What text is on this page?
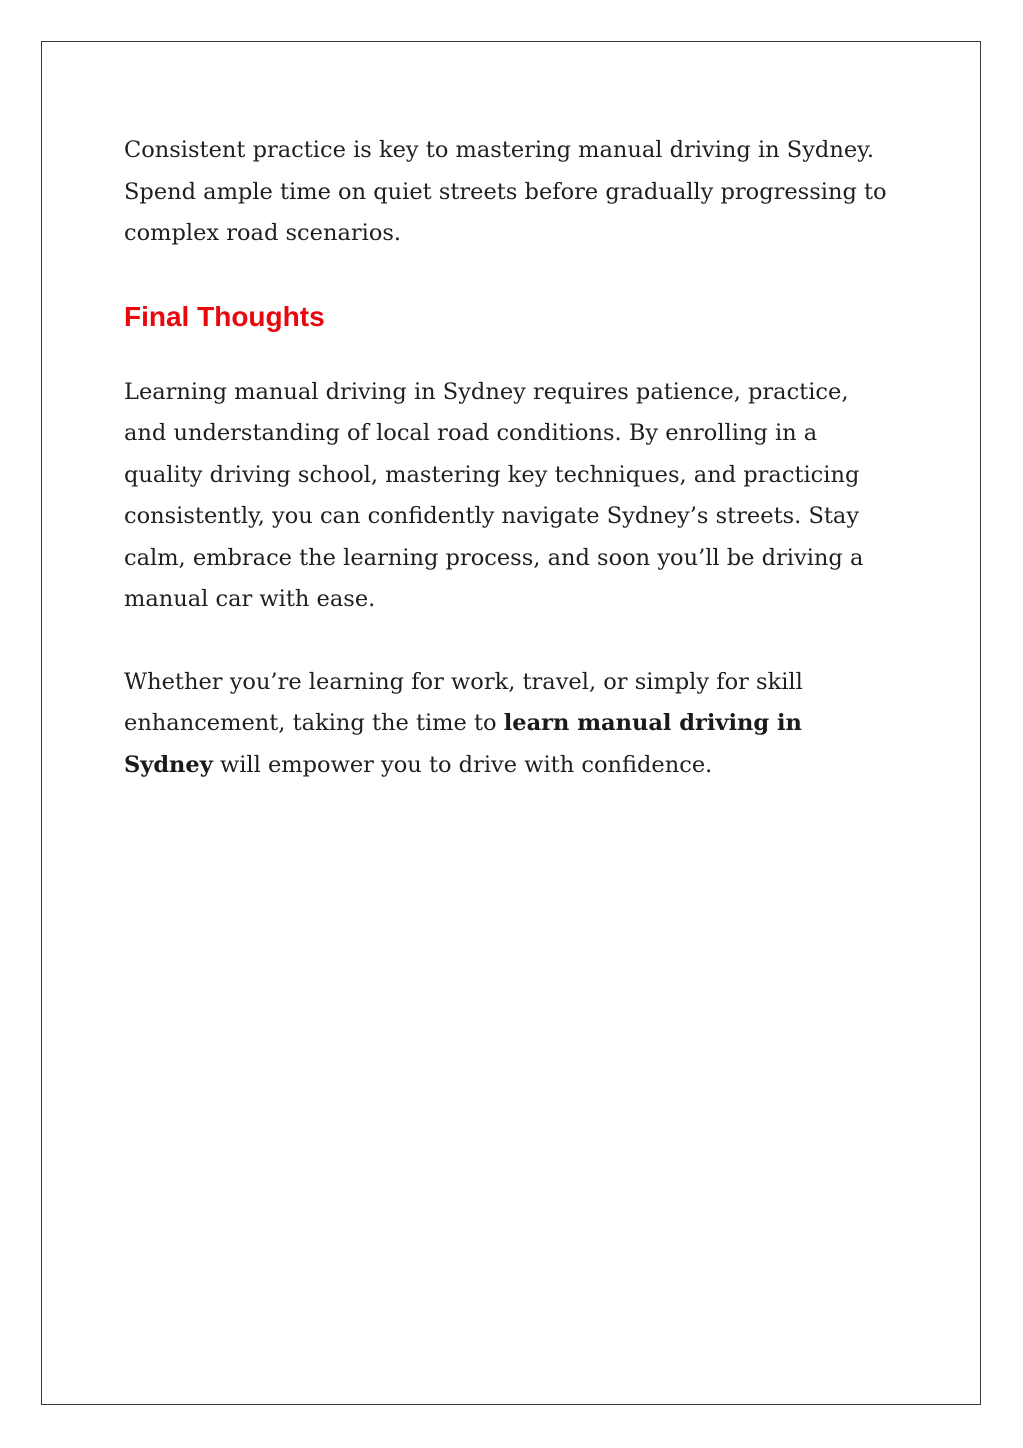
Consistent practice is key to mastering manual driving in Sydney. Spend ample time on quiet streets before gradually progressing to complex road scenarios.

Final Thoughts

Learning manual driving in Sydney requires patience, practice, and understanding of local road conditions. By enrolling in a quality driving school, mastering key techniques, and practicing consistently, you can confidently navigate Sydney’s streets. Stay calm, embrace the learning process, and soon you’ll be driving a manual car with ease.

Whether you’re learning for work, travel, or simply for skill enhancement, taking the time to learn manual driving in Sydney will empower you to drive with confidence.
